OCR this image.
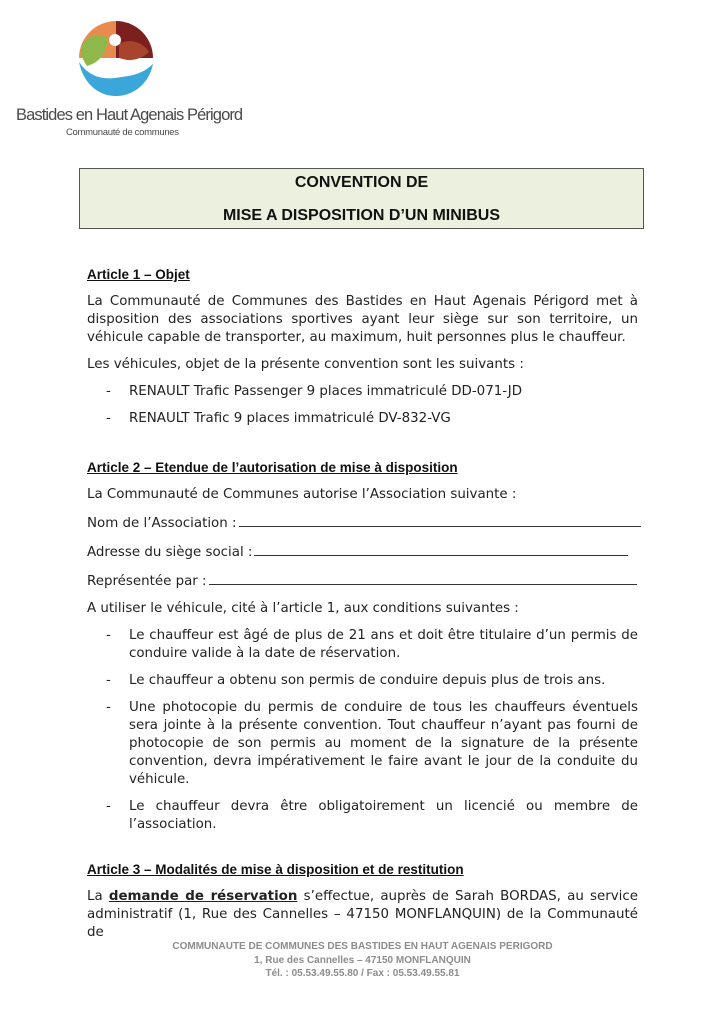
Bastides en Haut Agenais Périgord
Communauté de communes
CONVENTION DE
MISE A DISPOSITION D’UN MINIBUS
Article 1 – Objet

La Communauté de Communes des Bastides en Haut Agenais Périgord met à disposition des associations sportives ayant leur siège sur son territoire, un véhicule capable de transporter, au maximum, huit personnes plus le chauffeur.

Les véhicules, objet de la présente convention sont les suivants :

- RENAULT Trafic Passenger 9 places immatriculé DD-071-JD
- RENAULT Trafic 9 places immatriculé DV-832-VG
Article 2 – Etendue de l’autorisation de mise à disposition

La Communauté de Communes autorise l’Association suivante :

Nom de l’Association :
Adresse du siège social :
Représentée par :

A utiliser le véhicule, cité à l’article 1, aux conditions suivantes :

- Le chauffeur est âgé de plus de 21 ans et doit être titulaire d’un permis de conduire valide à la date de réservation.
- Le chauffeur a obtenu son permis de conduire depuis plus de trois ans.
- Une photocopie du permis de conduire de tous les chauffeurs éventuels sera jointe à la présente convention. Tout chauffeur n’ayant pas fourni de photocopie de son permis au moment de la signature de la présente convention, devra impérativement le faire avant le jour de la conduite du véhicule.
- Le chauffeur devra être obligatoirement un licencié ou membre de l’association.
Article 3 – Modalités de mise à disposition et de restitution

La demande de réservation s’effectue, auprès de Sarah BORDAS, au service administratif (1, Rue des Cannelles – 47150 MONFLANQUIN) de la Communauté de

COMMUNAUTE DE COMMUNES DES BASTIDES EN HAUT AGENAIS PERIGORD
1, Rue des Cannelles – 47150 MONFLANQUIN
Tél. : 05.53.49.55.80 / Fax : 05.53.49.55.81
